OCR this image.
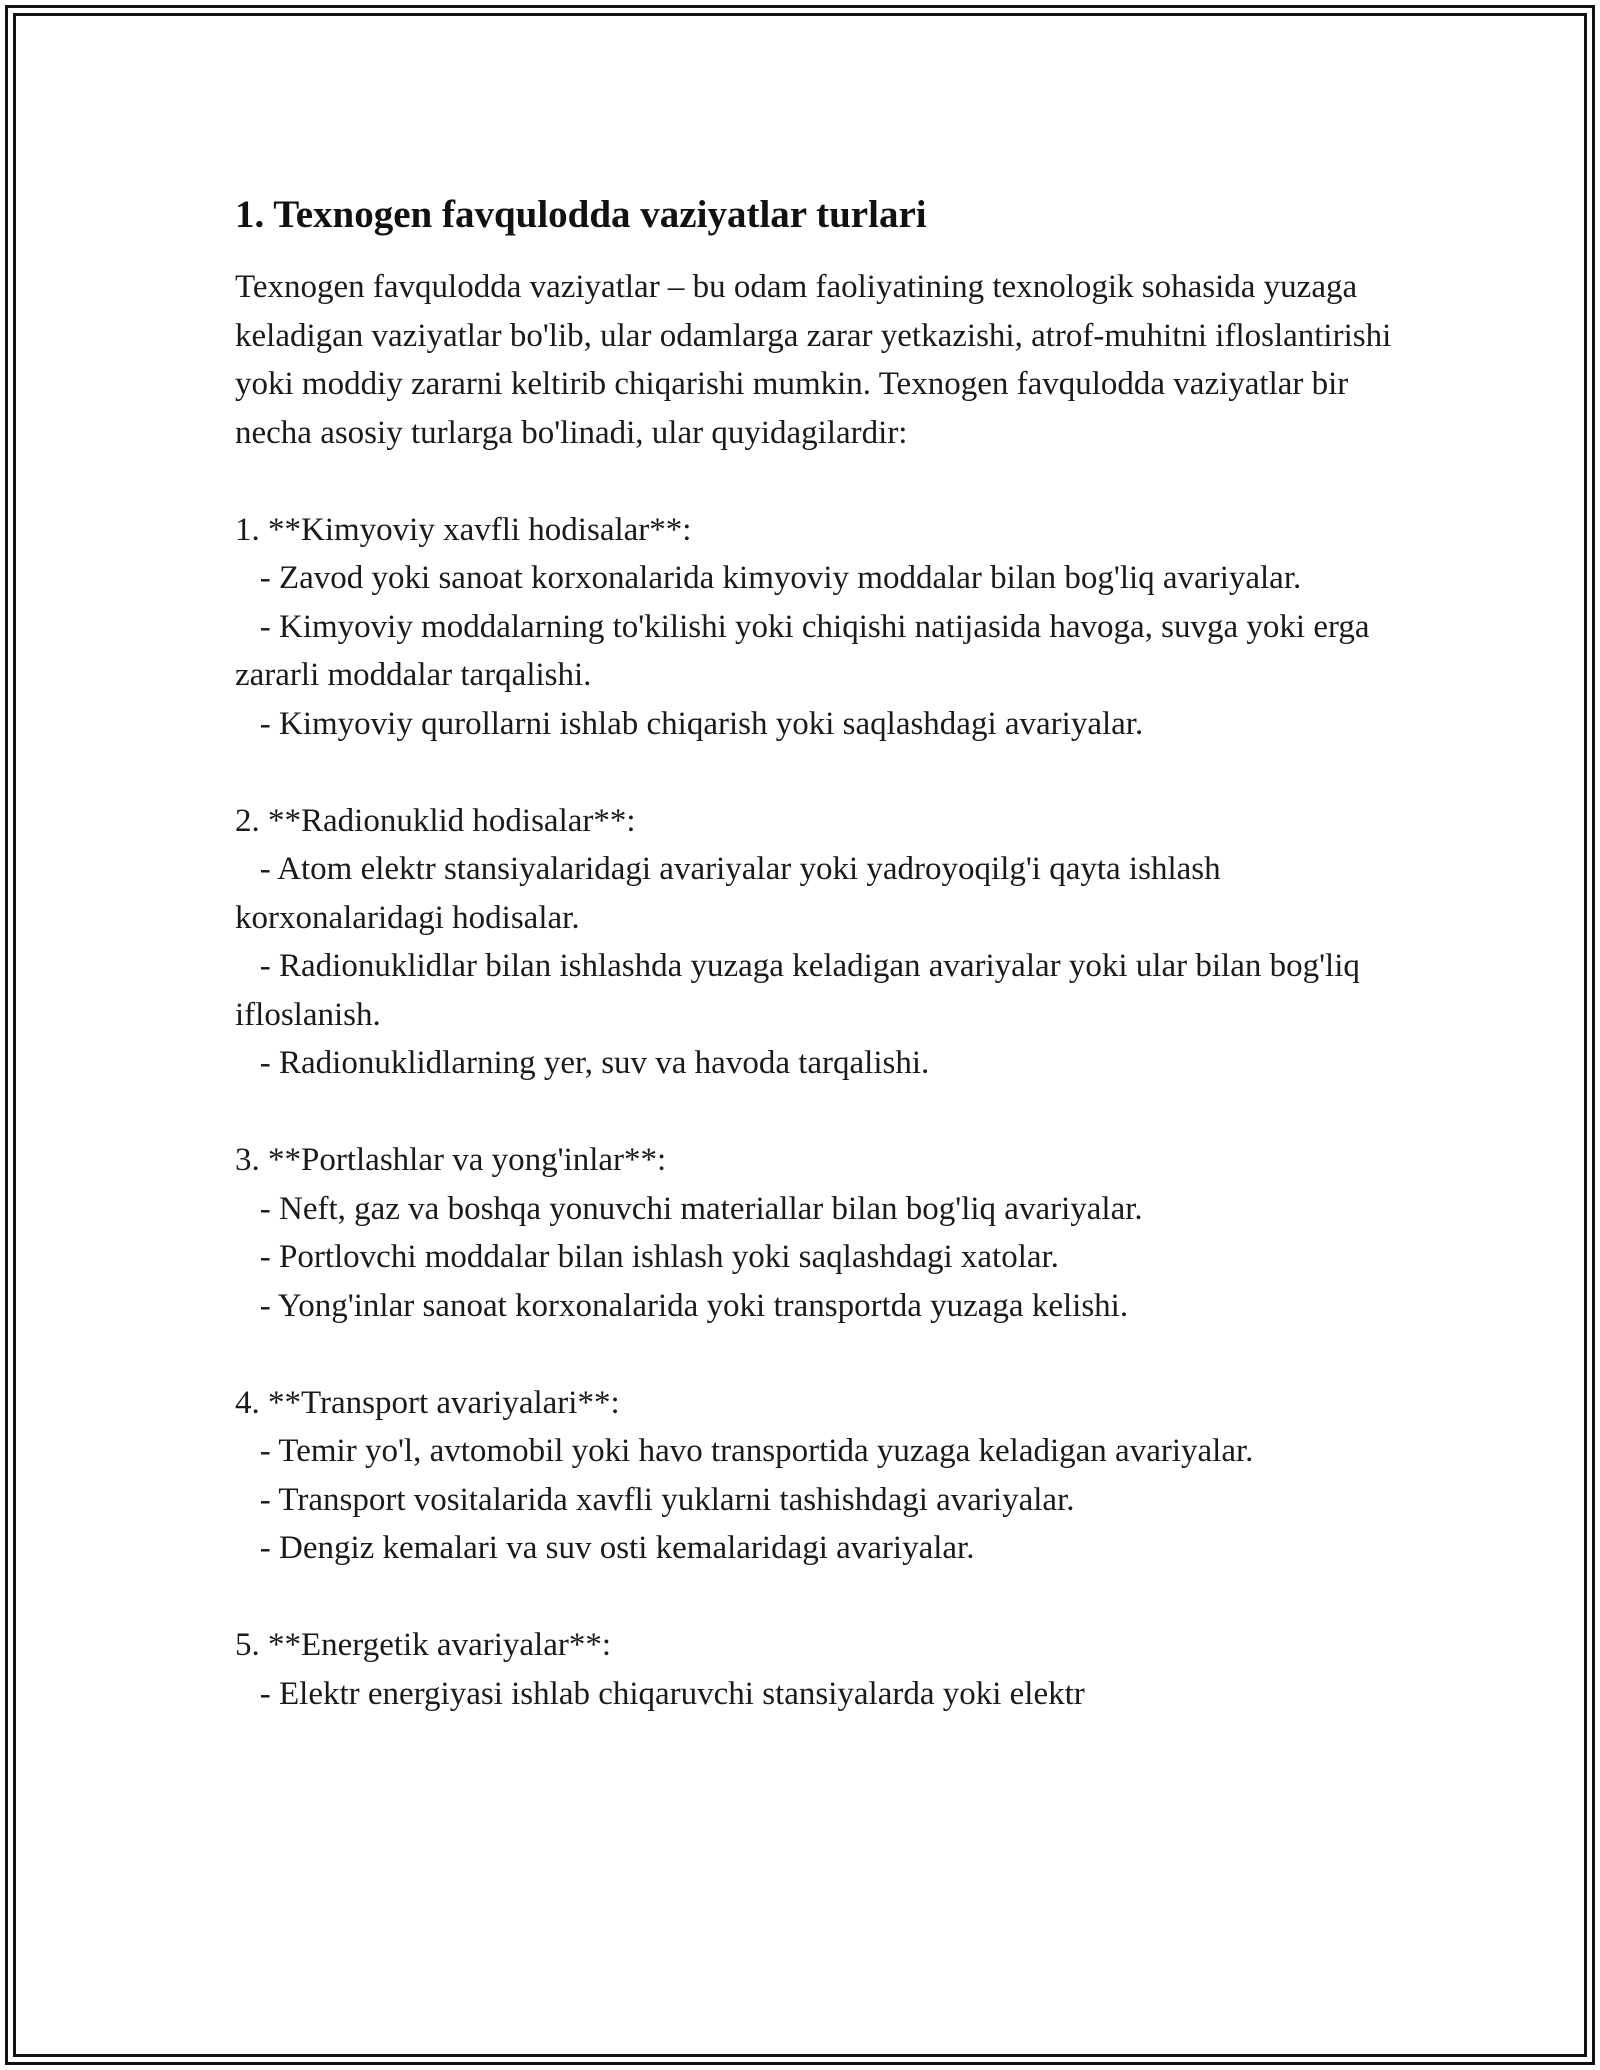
1. Texnogen favqulodda vaziyatlar turlari

Texnogen favqulodda vaziyatlar – bu odam faoliyatining texnologik sohasida yuzaga keladigan vaziyatlar bo'lib, ular odamlarga zarar yetkazishi, atrof-muhitni ifloslantirishi yoki moddiy zararni keltirib chiqarishi mumkin. Texnogen favqulodda vaziyatlar bir necha asosiy turlarga bo'linadi, ular quyidagilardir:

1. **Kimyoviy xavfli hodisalar**:

- Zavod yoki sanoat korxonalarida kimyoviy moddalar bilan bog'liq avariyalar.

- Kimyoviy moddalarning to'kilishi yoki chiqishi natijasida havoga, suvga yoki erga zararli moddalar tarqalishi.

- Kimyoviy qurollarni ishlab chiqarish yoki saqlashdagi avariyalar.

2. **Radionuklid hodisalar**:

- Atom elektr stansiyalaridagi avariyalar yoki yadroyoqilg'i qayta ishlash korxonalaridagi hodisalar.

- Radionuklidlar bilan ishlashda yuzaga keladigan avariyalar yoki ular bilan bog'liq ifloslanish.

- Radionuklidlarning yer, suv va havoda tarqalishi.

3. **Portlashlar va yong'inlar**:

- Neft, gaz va boshqa yonuvchi materiallar bilan bog'liq avariyalar.

- Portlovchi moddalar bilan ishlash yoki saqlashdagi xatolar.

- Yong'inlar sanoat korxonalarida yoki transportda yuzaga kelishi.

4. **Transport avariyalari**:

- Temir yo'l, avtomobil yoki havo transportida yuzaga keladigan avariyalar.

- Transport vositalarida xavfli yuklarni tashishdagi avariyalar.

- Dengiz kemalari va suv osti kemalaridagi avariyalar.

5. **Energetik avariyalar**:

- Elektr energiyasi ishlab chiqaruvchi stansiyalarda yoki elektr
